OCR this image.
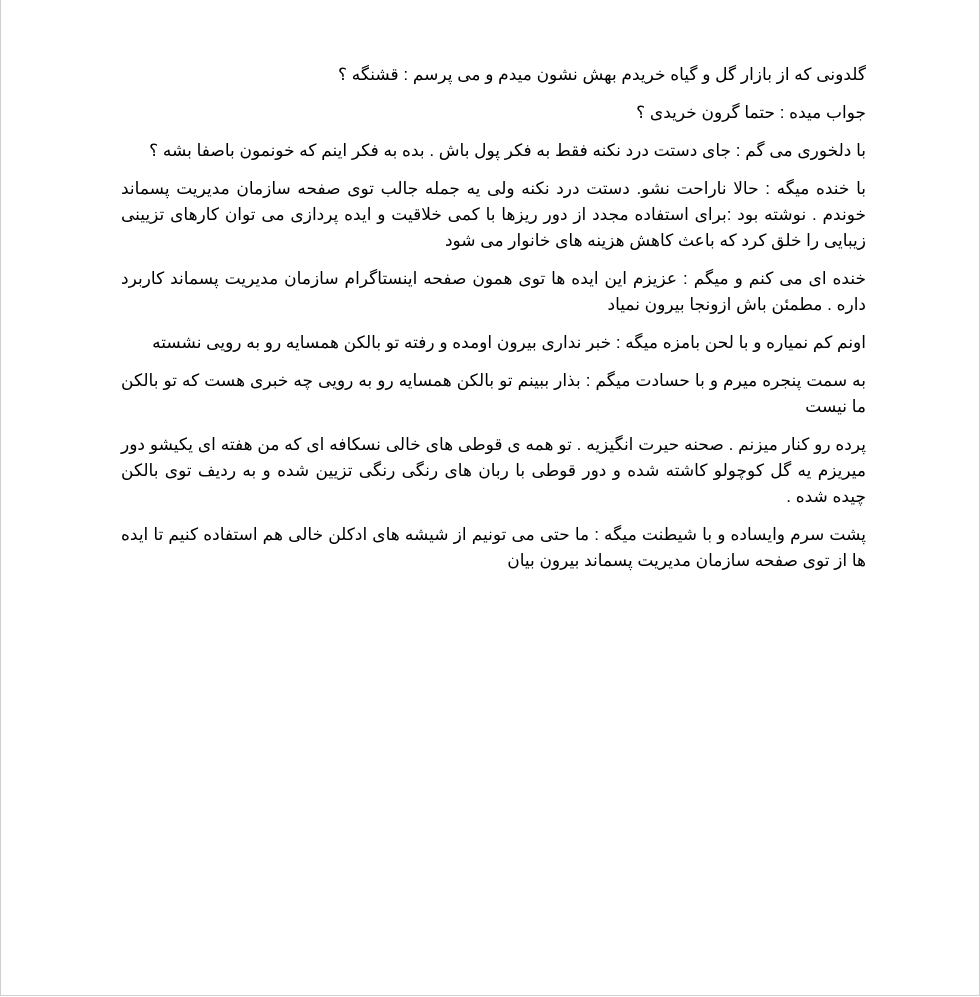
گلدونی که از بازار گل و گیاه خریدم بهش نشون میدم و می پرسم : قشنگه ؟

جواب میده : حتما گرون خریدی ؟

با دلخوری می گم : جای دستت درد نکنه فقط به فکر پول باش . بده به فکر اینم که خونمون باصفا بشه ؟

با خنده میگه : حالا ناراحت نشو. دستت درد نکنه ولی یه جمله جالب توی صفحه سازمان مدیریت پسماند خوندم . نوشته بود :برای استفاده مجدد از دور ریزها با کمی خلاقیت و ایده پردازی می توان کارهای تزیینی زیبایی را خلق کرد که باعث کاهش هزینه های خانوار می شود

خنده ای می کنم و میگم : عزیزم این ایده ها توی همون صفحه اینستاگرام سازمان مدیریت پسماند کاربرد داره . مطمئن باش ازونجا بیرون نمیاد

اونم کم نمیاره و با لحن بامزه میگه : خبر نداری بیرون اومده و رفته تو بالکن همسایه رو به رویی نشسته

به سمت پنجره میرم و با حسادت میگم : بذار ببینم تو بالکن همسایه رو به رویی چه خبری هست که تو بالکن ما نیست

پرده رو کنار میزنم . صحنه حیرت انگیزیه . تو همه ی قوطی های خالی نسکافه ای که من هفته ای یکیشو دور میریزم یه گل کوچولو کاشته شده و دور قوطی با ربان های رنگی رنگی تزیین شده و به ردیف توی بالکن چیده شده .

پشت سرم وایساده و با شیطنت میگه : ما حتی می تونیم از شیشه های ادکلن خالی هم استفاده کنیم تا ایده ها از توی صفحه سازمان مدیریت پسماند بیرون بیان
